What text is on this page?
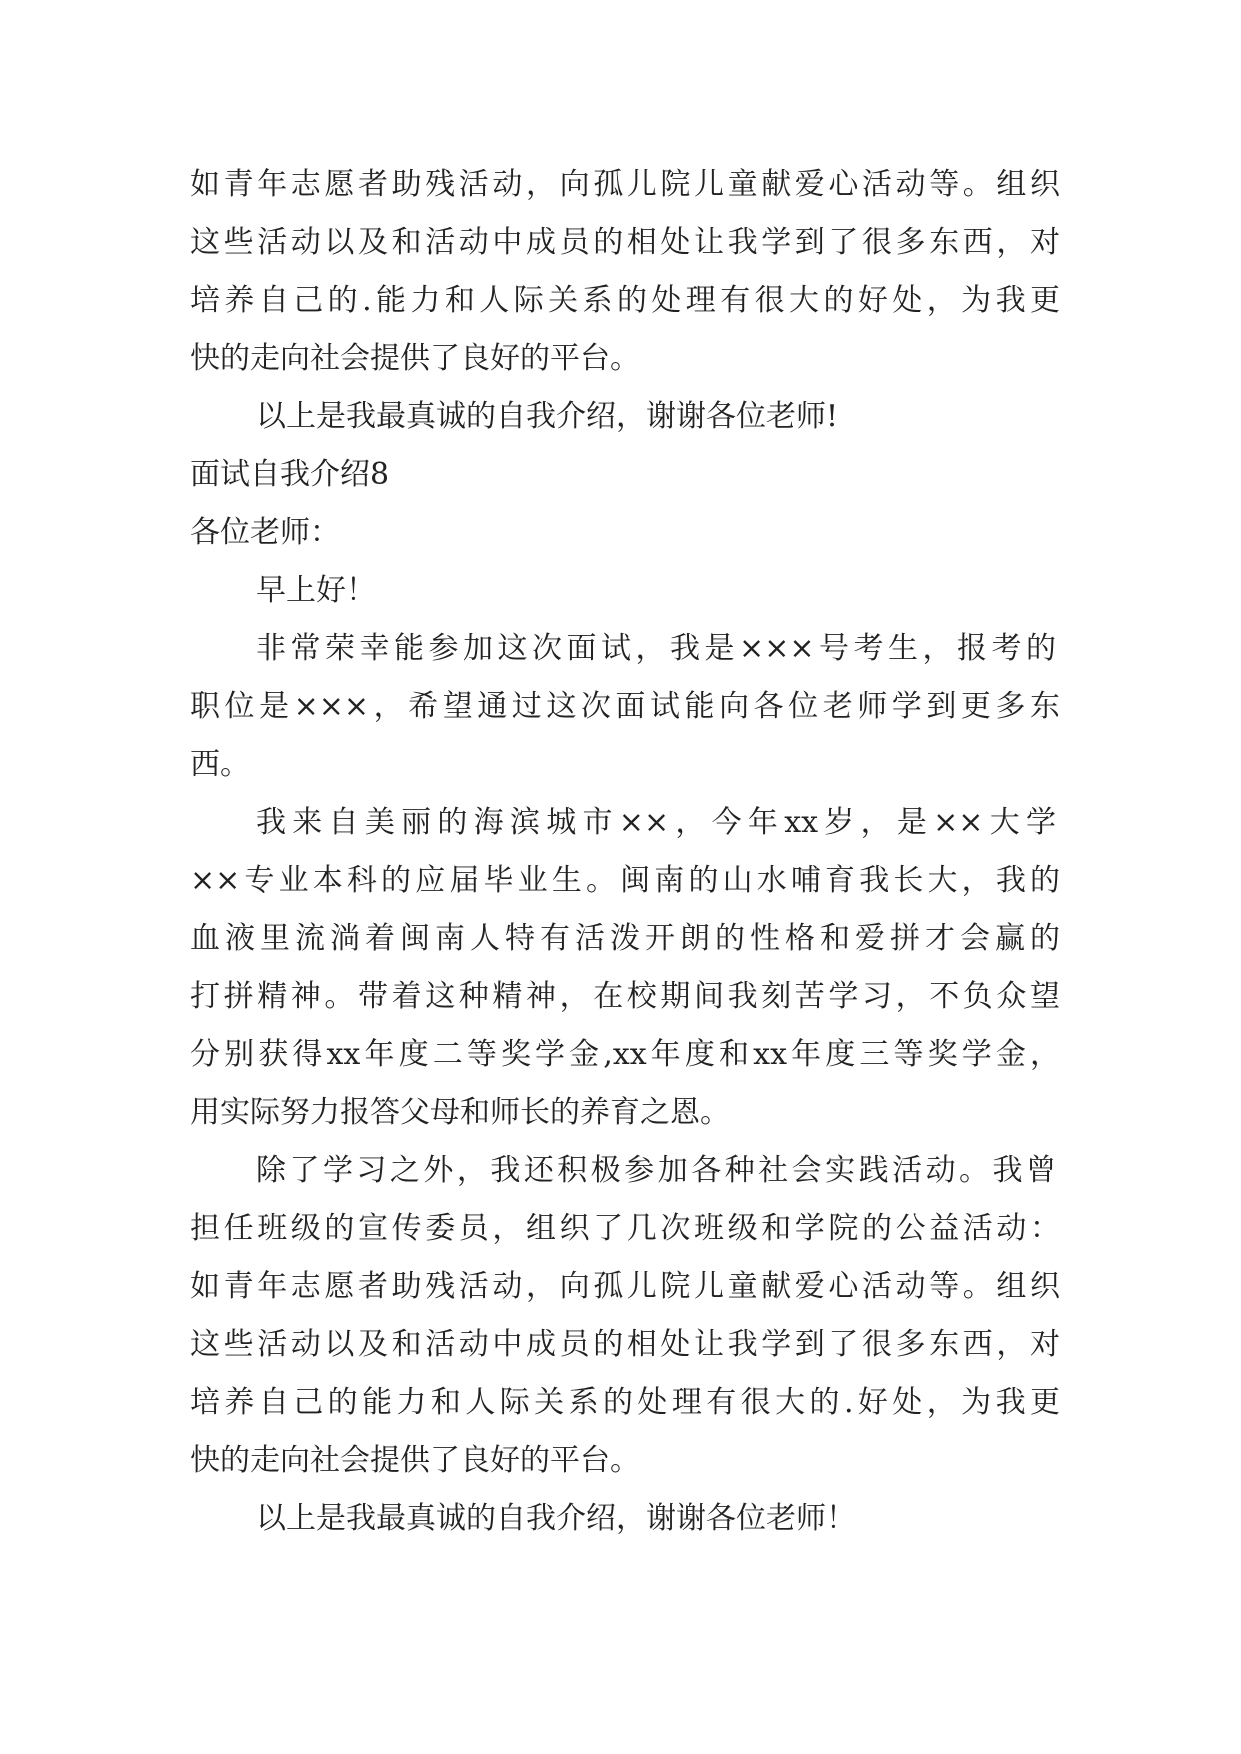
如青年志愿者助残活动，向孤儿院儿童献爱心活动等。组织
这些活动以及和活动中成员的相处让我学到了很多东西，对
培养自己的.能力和人际关系的处理有很大的好处，为我更
快的走向社会提供了良好的平台。
以上是我最真诚的自我介绍，谢谢各位老师!
面试自我介绍8
各位老师：
早上好！
非常荣幸能参加这次面试，我是×××号考生，报考的
职位是×××，希望通过这次面试能向各位老师学到更多东
西。
我来自美丽的海滨城市××，今年xx岁，是××大学
××专业本科的应届毕业生。闽南的山水哺育我长大，我的
血液里流淌着闽南人特有活泼开朗的性格和爱拼才会赢的
打拼精神。带着这种精神，在校期间我刻苦学习，不负众望
分别获得xx年度二等奖学金,xx年度和xx年度三等奖学金，
用实际努力报答父母和师长的养育之恩。
除了学习之外，我还积极参加各种社会实践活动。我曾
担任班级的宣传委员，组织了几次班级和学院的公益活动：
如青年志愿者助残活动，向孤儿院儿童献爱心活动等。组织
这些活动以及和活动中成员的相处让我学到了很多东西，对
培养自己的能力和人际关系的处理有很大的.好处，为我更
快的走向社会提供了良好的平台。
以上是我最真诚的自我介绍，谢谢各位老师！
